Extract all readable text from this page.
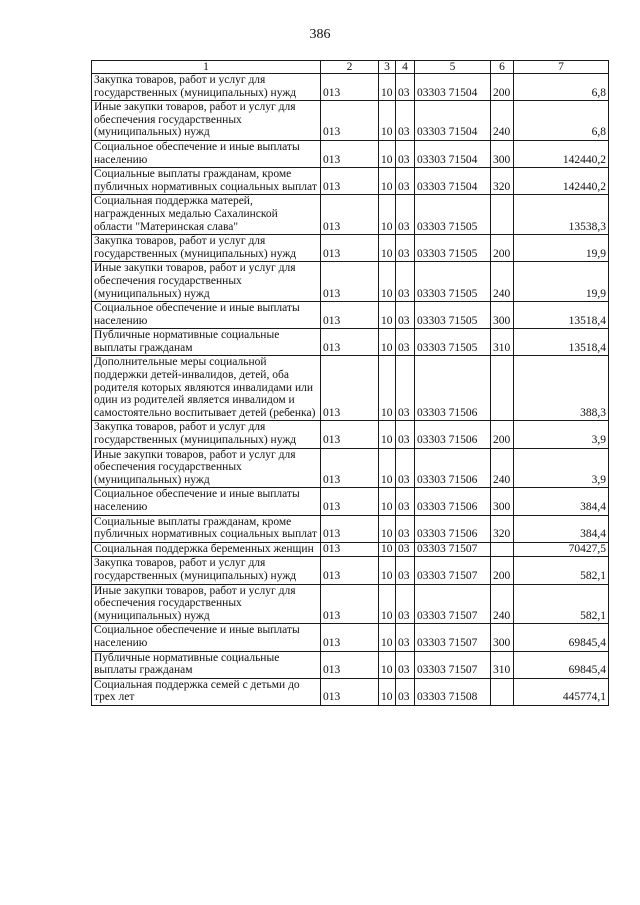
386
1	2	3	4	5	6	7
Закупка товаров, работ и услуг для государственных (муниципальных) нужд	013	10	03	03303 71504	200	6,8
Иные закупки товаров, работ и услуг для обеспечения государственных (муниципальных) нужд	013	10	03	03303 71504	240	6,8
Социальное обеспечение и иные выплаты населению	013	10	03	03303 71504	300	142440,2
Социальные выплаты гражданам, кроме публичных нормативных социальных выплат	013	10	03	03303 71504	320	142440,2
Социальная поддержка матерей, награжденных медалью Сахалинской области "Материнская слава"	013	10	03	03303 71505		13538,3
Закупка товаров, работ и услуг для государственных (муниципальных) нужд	013	10	03	03303 71505	200	19,9
Иные закупки товаров, работ и услуг для обеспечения государственных (муниципальных) нужд	013	10	03	03303 71505	240	19,9
Социальное обеспечение и иные выплаты населению	013	10	03	03303 71505	300	13518,4
Публичные нормативные социальные выплаты гражданам	013	10	03	03303 71505	310	13518,4
Дополнительные меры социальной поддержки детей-инвалидов, детей, оба родителя которых являются инвалидами или один из родителей является инвалидом и самостоятельно воспитывает детей (ребенка)	013	10	03	03303 71506		388,3
Закупка товаров, работ и услуг для государственных (муниципальных) нужд	013	10	03	03303 71506	200	3,9
Иные закупки товаров, работ и услуг для обеспечения государственных (муниципальных) нужд	013	10	03	03303 71506	240	3,9
Социальное обеспечение и иные выплаты населению	013	10	03	03303 71506	300	384,4
Социальные выплаты гражданам, кроме публичных нормативных социальных выплат	013	10	03	03303 71506	320	384,4
Социальная поддержка беременных женщин	013	10	03	03303 71507		70427,5
Закупка товаров, работ и услуг для государственных (муниципальных) нужд	013	10	03	03303 71507	200	582,1
Иные закупки товаров, работ и услуг для обеспечения государственных (муниципальных) нужд	013	10	03	03303 71507	240	582,1
Социальное обеспечение и иные выплаты населению	013	10	03	03303 71507	300	69845,4
Публичные нормативные социальные выплаты гражданам	013	10	03	03303 71507	310	69845,4
Социальная поддержка семей с детьми до трех лет	013	10	03	03303 71508		445774,1
